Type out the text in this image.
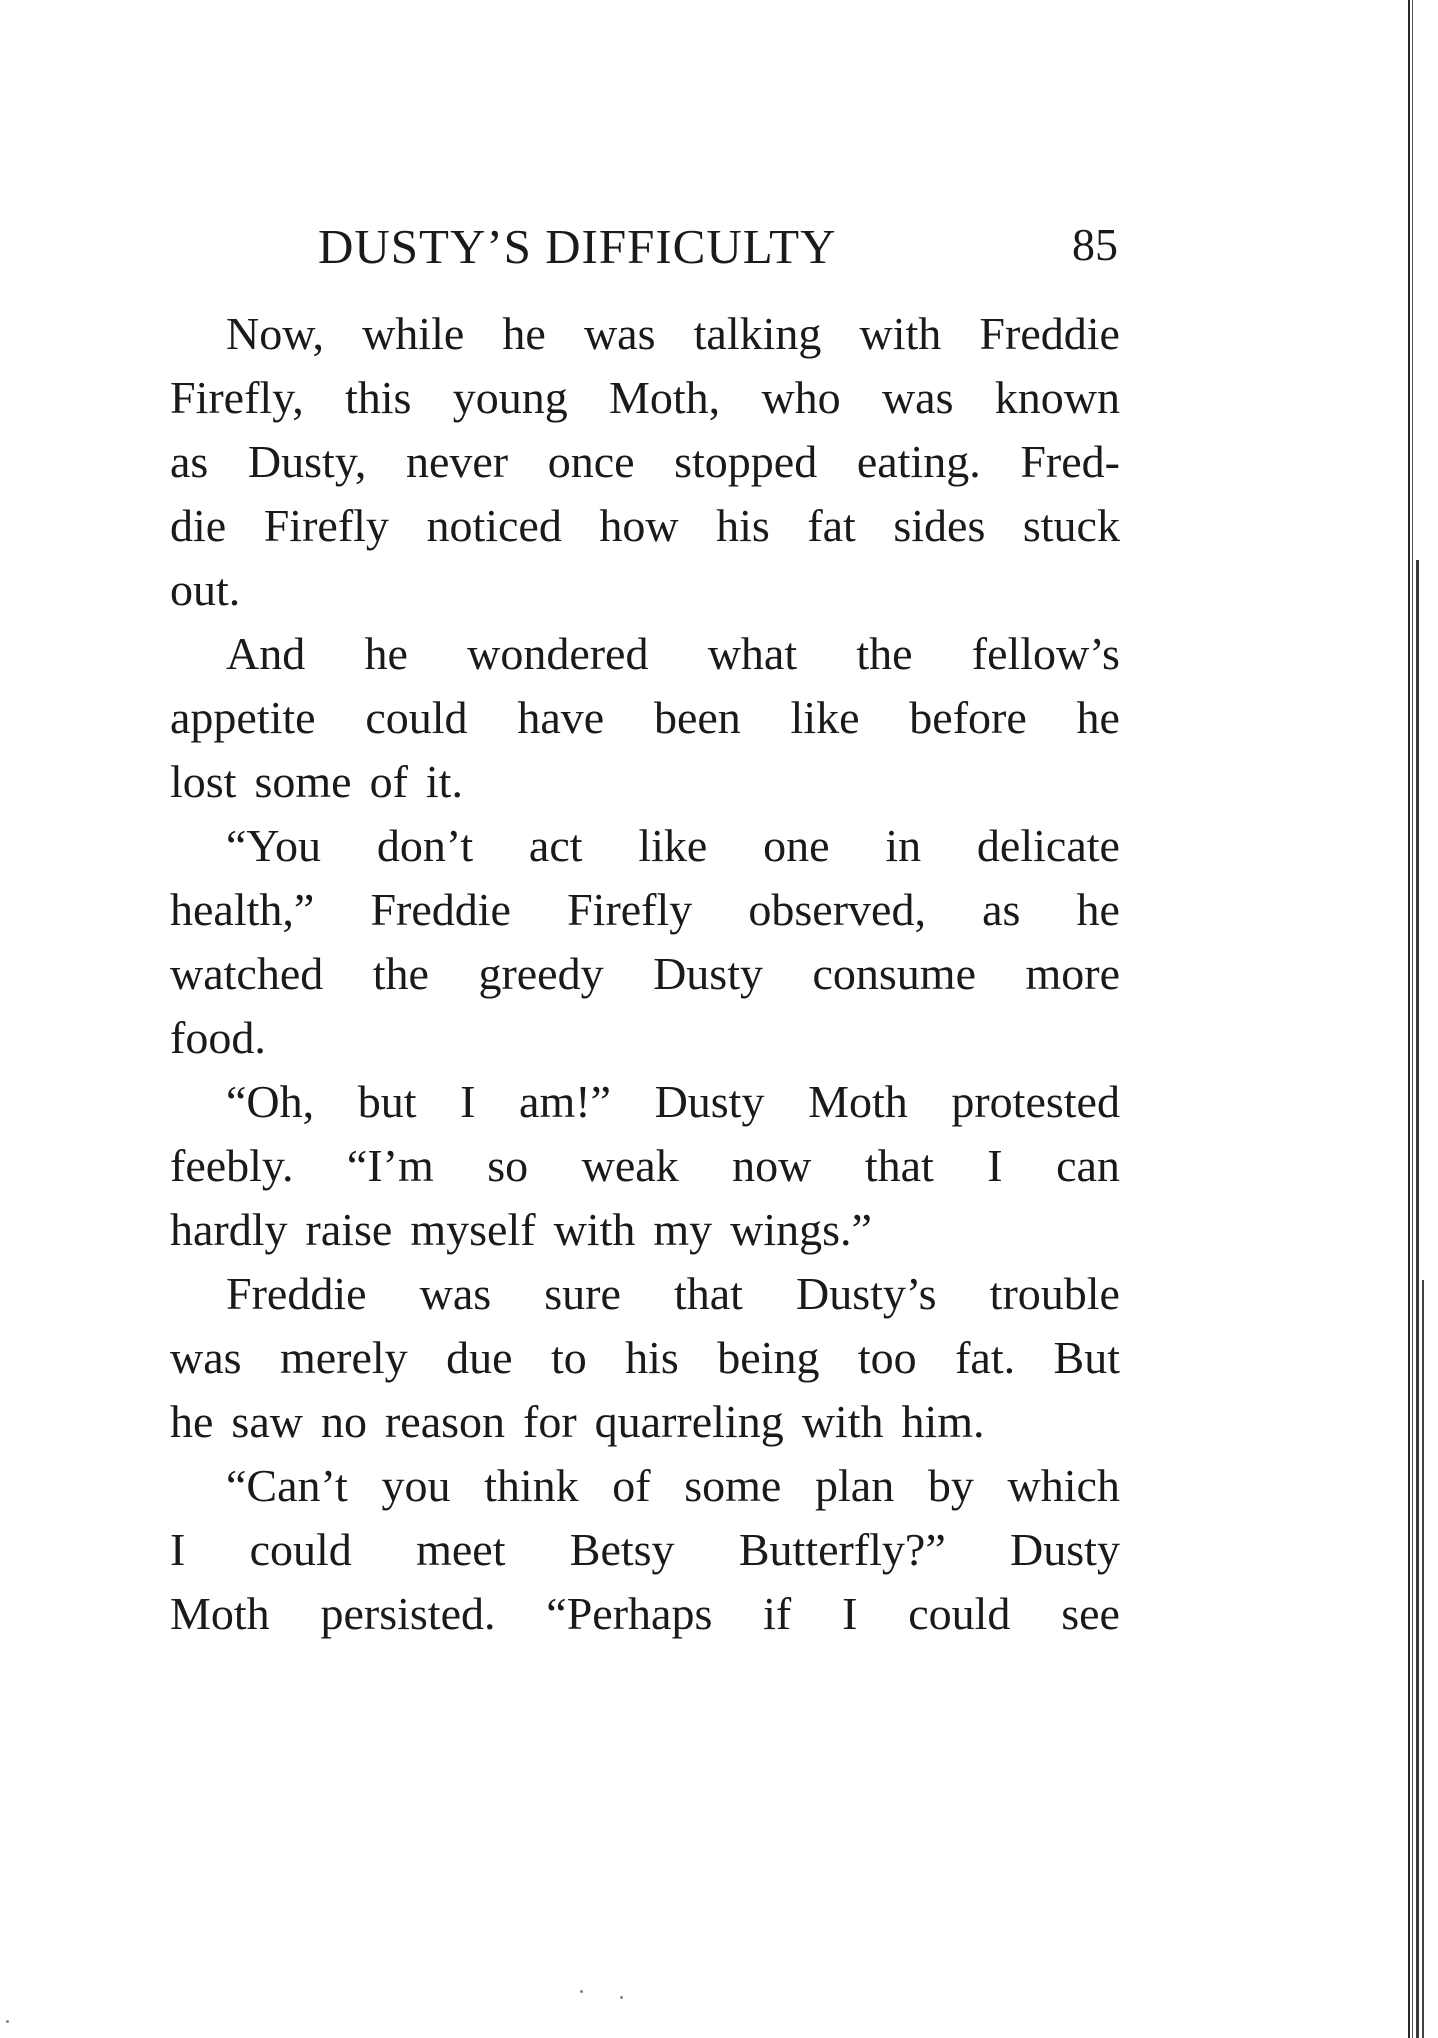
DUSTY’S DIFFICULTY	85
Now, while he was talking with Freddie
Firefly, this young Moth, who was known
as Dusty, never once stopped eating. Fred-
die Firefly noticed how his fat sides stuck
out.
And he wondered what the fellow’s
appetite could have been like before he
lost some of it.
“You don’t act like one in delicate
health,” Freddie Firefly observed, as he
watched the greedy Dusty consume more
food.
“Oh, but I am!” Dusty Moth protested
feebly. “I’m so weak now that I can
hardly raise myself with my wings.”
Freddie was sure that Dusty’s trouble
was merely due to his being too fat. But
he saw no reason for quarreling with him.
“Can’t you think of some plan by which
I could meet Betsy Butterfly?” Dusty
Moth persisted. “Perhaps if I could see
